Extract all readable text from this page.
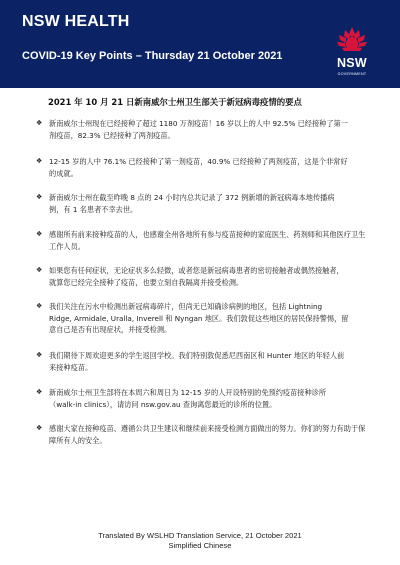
NSW HEALTH
COVID-19 Key Points – Thursday 21 October 2021	NSW
GOVERNMENT
2021 年 10 月 21 日新南威尔士州卫生部关于新冠病毒疫情的要点
❖ 新南威尔士州现在已经接种了超过 1180 万剂疫苗！16 岁以上的人中 92.5% 已经接种了第一
剂疫苗，82.3% 已经接种了两剂疫苗。
❖ 12-15 岁的人中 76.1% 已经接种了第一剂疫苗，40.9% 已经接种了两剂疫苗，这是个非常好
的成就。
❖ 新南威尔士州在截至昨晚 8 点的 24 小时内总共记录了 372 例新增的新冠病毒本地传播病
例，有 1 名患者不幸去世。
❖ 感谢所有前来接种疫苗的人，也感谢全州各地所有参与疫苗接种的家庭医生、药剂师和其他医疗卫生
工作人员。
❖ 如果您有任何症状，无论症状多么轻微，或者您是新冠病毒患者的密切接触者或偶然接触者，
就算您已经完全接种了疫苗，也要立刻自我隔离并接受检测。
❖ 我们关注在污水中检测出新冠病毒碎片，但尚无已知确诊病例的地区，包括 Lightning
Ridge, Armidale, Uralla, Inverell 和 Nyngan 地区。我们敦促这些地区的居民保持警惕，留
意自己是否有出现症状，并接受检测。
❖ 我们期待下周欢迎更多的学生返回学校。我们特别敦促悉尼西南区和 Hunter 地区的年轻人前
来接种疫苗。
❖ 新南威尔士州卫生部将在本周六和周日为 12-15 岁的人开设特别的免预约疫苗接种诊所
（walk-in clinics），请访问 nsw.gov.au 查询离您最近的诊所的位置。
❖ 感谢大家在接种疫苗、遵循公共卫生建议和继续前来接受检测方面做出的努力。你们的努力有助于保
障所有人的安全。
Translated By WSLHD Translation Service, 21 October 2021
Simplified Chinese
